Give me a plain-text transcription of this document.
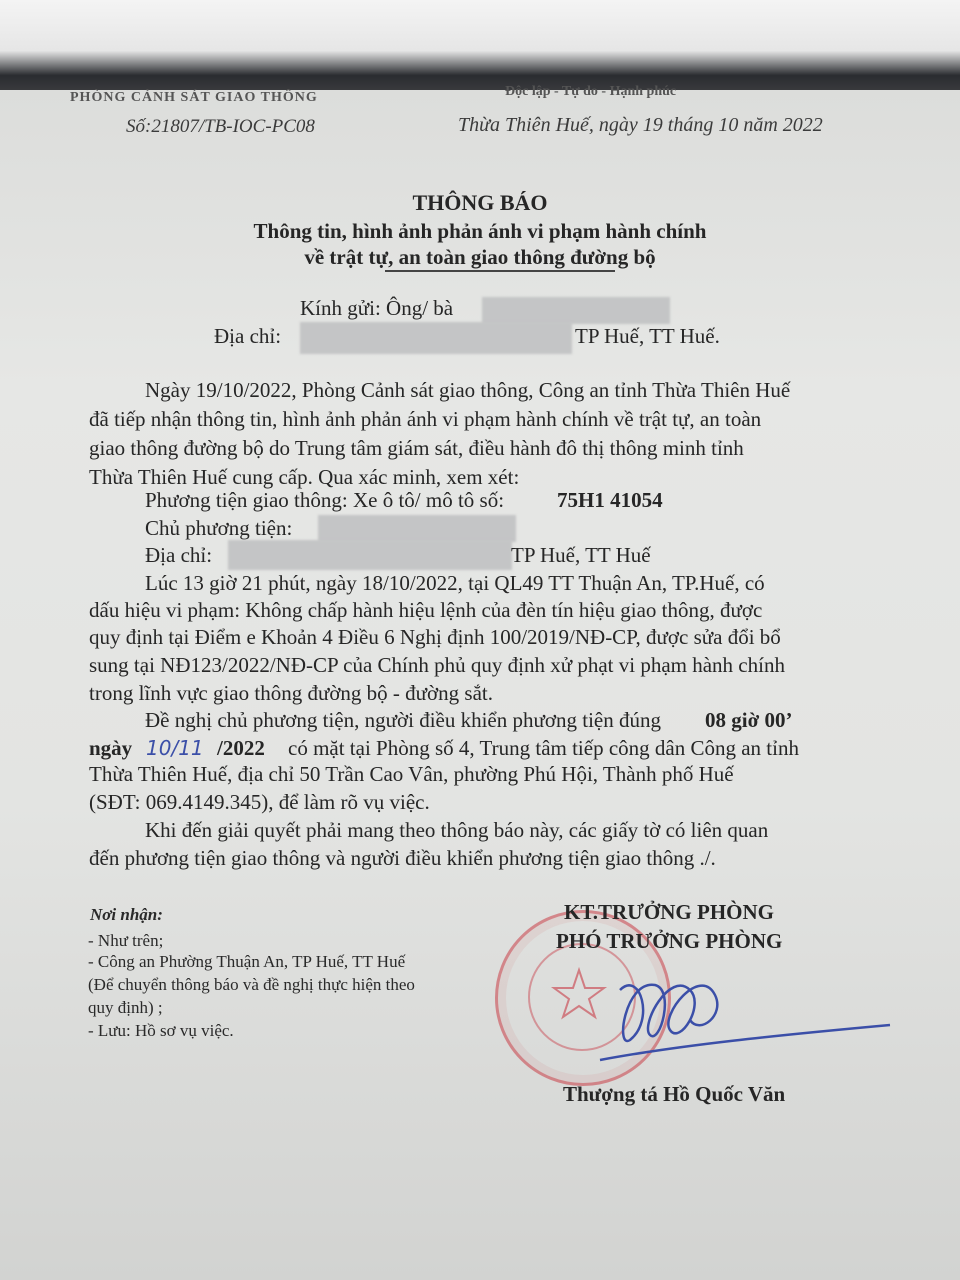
PHÒNG CẢNH SÁT GIAO THÔNG	Độc lập - Tự do - Hạnh phúc
Số:21807/TB-IOC-PC08	Thừa Thiên Huế, ngày 19 tháng 10 năm 2022
THÔNG BÁO
Thông tin, hình ảnh phản ánh vi phạm hành chính
về trật tự, an toàn giao thông đường bộ
Kính gửi: Ông/ bà
Địa chỉ:	TP Huế, TT Huế.
Ngày 19/10/2022, Phòng Cảnh sát giao thông, Công an tỉnh Thừa Thiên Huế
đã tiếp nhận thông tin, hình ảnh phản ánh vi phạm hành chính về trật tự, an toàn
giao thông đường bộ do Trung tâm giám sát, điều hành đô thị thông minh tỉnh
Thừa Thiên Huế cung cấp. Qua xác minh, xem xét:
Phương tiện giao thông: Xe ô tô/ mô tô số:	75H1 41054
Chủ phương tiện:
Địa chỉ:	TP Huế, TT Huế
Lúc 13 giờ 21 phút, ngày 18/10/2022, tại QL49 TT Thuận An, TP.Huế, có
dấu hiệu vi phạm: Không chấp hành hiệu lệnh của đèn tín hiệu giao thông, được
quy định tại Điểm e Khoản 4 Điều 6 Nghị định 100/2019/NĐ-CP, được sửa đổi bổ
sung tại NĐ123/2022/NĐ-CP của Chính phủ quy định xử phạt vi phạm hành chính
trong lĩnh vực giao thông đường bộ - đường sắt.
Đề nghị chủ phương tiện, người điều khiển phương tiện đúng 08 giờ 00’
ngày 10/11 /2022 có mặt tại Phòng số 4, Trung tâm tiếp công dân Công an tỉnh
Thừa Thiên Huế, địa chỉ 50 Trần Cao Vân, phường Phú Hội, Thành phố Huế
(SĐT: 069.4149.345), để làm rõ vụ việc.
Khi đến giải quyết phải mang theo thông báo này, các giấy tờ có liên quan
đến phương tiện giao thông và người điều khiển phương tiện giao thông ./.
Nơi nhận:
- Như trên;
- Công an Phường Thuận An, TP Huế, TT Huế
(Để chuyển thông báo và đề nghị thực hiện theo
quy định) ;
- Lưu: Hồ sơ vụ việc.
KT.TRƯỞNG PHÒNG
PHÓ TRƯỞNG PHÒNG
Thượng tá Hồ Quốc Văn
